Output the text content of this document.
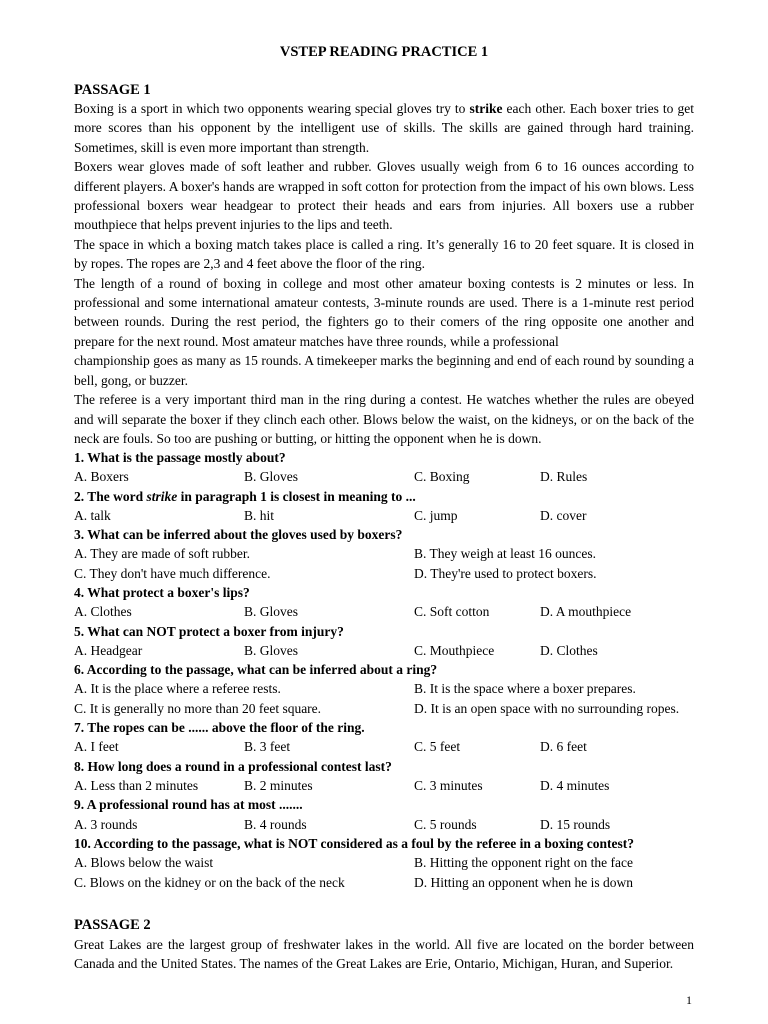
VSTEP READING PRACTICE 1
PASSAGE 1

Boxing is a sport in which two opponents wearing special gloves try to strike each other. Each boxer tries to get more scores than his opponent by the intelligent use of skills. The skills are gained through hard training. Sometimes, skill is even more important than strength.

Boxers wear gloves made of soft leather and rubber. Gloves usually weigh from 6 to 16 ounces according to different players. A boxer's hands are wrapped in soft cotton for protection from the impact of his own blows. Less professional boxers wear headgear to protect their heads and ears from injuries. All boxers use a rubber mouthpiece that helps prevent injuries to the lips and teeth.

The space in which a boxing match takes place is called a ring. It’s generally 16 to 20 feet square. It is closed in by ropes. The ropes are 2,3 and 4 feet above the floor of the ring.

The length of a round of boxing in college and most other amateur boxing contests is 2 minutes or less. In professional and some international amateur contests, 3-minute rounds are used. There is a 1-minute rest period between rounds. During the rest period, the fighters go to their comers of the ring opposite one another and prepare for the next round. Most amateur matches have three rounds, while a professional

championship goes as many as 15 rounds. A timekeeper marks the beginning and end of each round by sounding a bell, gong, or buzzer.

The referee is a very important third man in the ring during a contest. He watches whether the rules are obeyed and will separate the boxer if they clinch each other. Blows below the waist, on the kidneys, or on the back of the neck are fouls. So too are pushing or butting, or hitting the opponent when he is down.

1. What is the passage mostly about?
A. Boxers	B. Gloves	C. Boxing	D. Rules
2. The word strike in paragraph 1 is closest in meaning to ...
A. talk	B. hit	C. jump	D. cover
3. What can be inferred about the gloves used by boxers?
A. They are made of soft rubber.	B. They weigh at least 16 ounces.
C. They don't have much difference.	D. They're used to protect boxers.
4. What protect a boxer's lips?
A. Clothes	B. Gloves	C. Soft cotton	D. A mouthpiece
5. What can NOT protect a boxer from injury?
A. Headgear	B. Gloves	C. Mouthpiece	D. Clothes
6. According to the passage, what can be inferred about a ring?
A. It is the place where a referee rests.	B. It is the space where a boxer prepares.
C. It is generally no more than 20 feet square.	D. It is an open space with no surrounding ropes.
7. The ropes can be ...... above the floor of the ring.
A. I feet	B. 3 feet	C. 5 feet	D. 6 feet
8. How long does a round in a professional contest last?
A. Less than 2 minutes	B. 2 minutes	C. 3 minutes	D. 4 minutes
9. A professional round has at most .......
A. 3 rounds	B. 4 rounds	C. 5 rounds	D. 15 rounds
10. According to the passage, what is NOT considered as a foul by the referee in a boxing contest?
A. Blows below the waist	B. Hitting the opponent right on the face
C. Blows on the kidney or on the back of the neck	D. Hitting an opponent when he is down
PASSAGE 2

Great Lakes are the largest group of freshwater lakes in the world. All five are located on the border between Canada and the United States. The names of the Great Lakes are Erie, Ontario, Michigan, Huran, and Superior.

1
